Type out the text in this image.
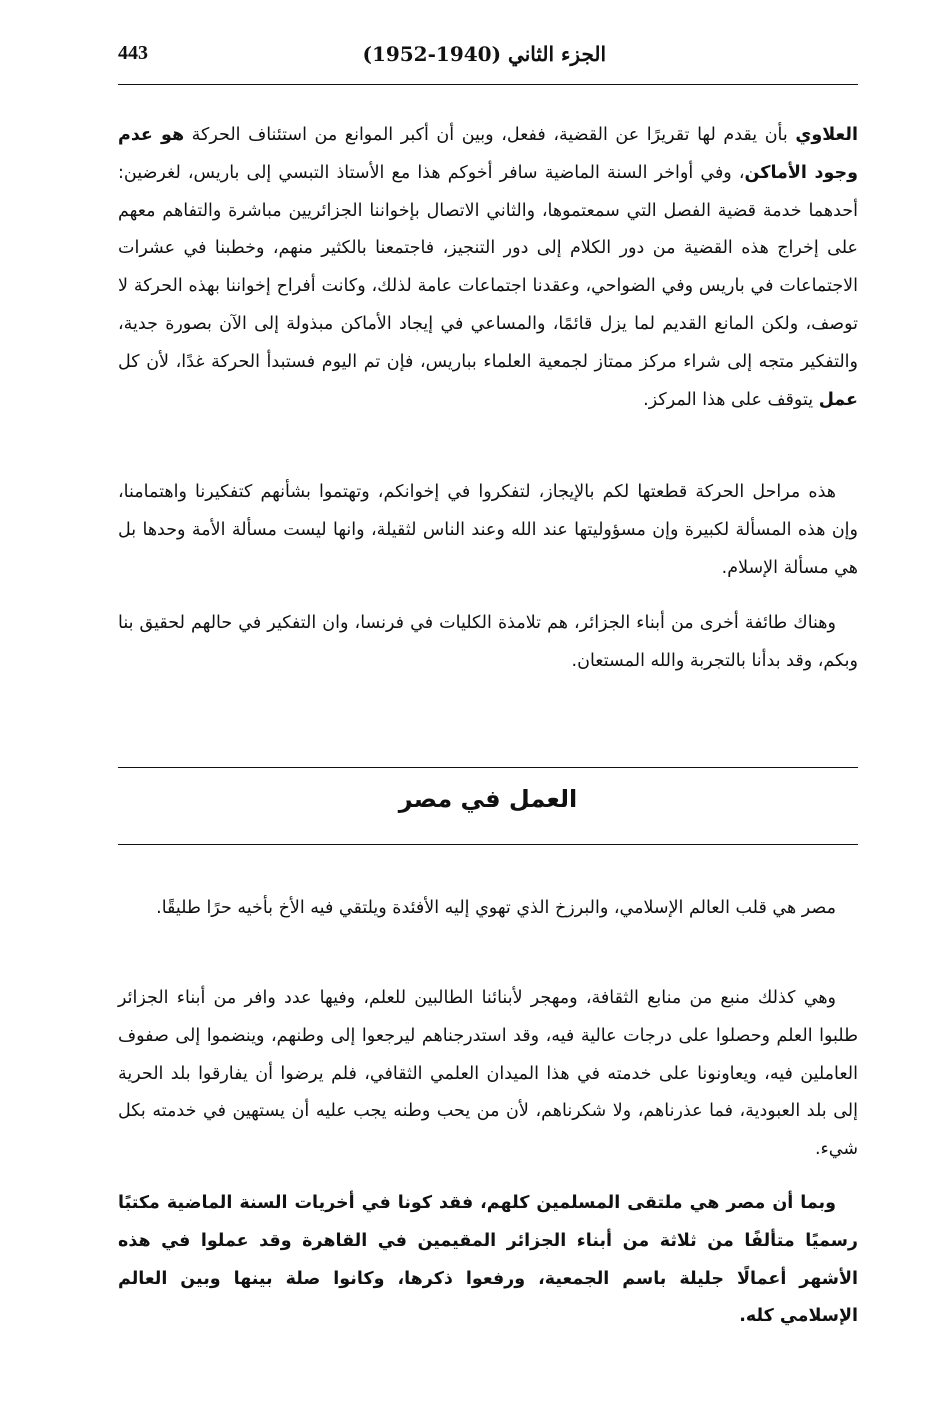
443	الجزء الثاني (1940-1952)

العلاوي بأن يقدم لها تقريرًا عن القضية، ففعل، وبين أن أكبر الموانع من استئناف الحركة هو عدم وجود الأماكن، وفي أواخر السنة الماضية سافر أخوكم هذا مع الأستاذ التبسي إلى باريس، لغرضين: أحدهما خدمة قضية الفصل التي سمعتموها، والثاني الاتصال بإخواننا الجزائريين مباشرة والتفاهم معهم على إخراج هذه القضية من دور الكلام إلى دور التنجيز، فاجتمعنا بالكثير منهم، وخطبنا في عشرات الاجتماعات في باريس وفي الضواحي، وعقدنا اجتماعات عامة لذلك، وكانت أفراح إخواننا بهذه الحركة لا توصف، ولكن المانع القديم لما يزل قائمًا، والمساعي في إيجاد الأماكن مبذولة إلى الآن بصورة جدية، والتفكير متجه إلى شراء مركز ممتاز لجمعية العلماء بباريس، فإن تم اليوم فستبدأ الحركة غدًا، لأن كل عمل يتوقف على هذا المركز.

هذه مراحل الحركة قطعتها لكم بالإيجاز، لتفكروا في إخوانكم، وتهتموا بشأنهم كتفكيرنا واهتمامنا، وإن هذه المسألة لكبيرة وإن مسؤوليتها عند الله وعند الناس لثقيلة، وانها ليست مسألة الأمة وحدها بل هي مسألة الإسلام.

وهناك طائفة أخرى من أبناء الجزائر، هم تلامذة الكليات في فرنسا، وان التفكير في حالهم لحقيق بنا وبكم، وقد بدأنا بالتجربة والله المستعان.

العمل في مصر

مصر هي قلب العالم الإسلامي، والبرزخ الذي تهوي إليه الأفئدة ويلتقي فيه الأخ بأخيه حرًا طليقًا.

وهي كذلك منبع من منابع الثقافة، ومهجر لأبنائنا الطالبين للعلم، وفيها عدد وافر من أبناء الجزائر طلبوا العلم وحصلوا على درجات عالية فيه، وقد استدرجناهم ليرجعوا إلى وطنهم، وينضموا إلى صفوف العاملين فيه، ويعاونونا على خدمته في هذا الميدان العلمي الثقافي، فلم يرضوا أن يفارقوا بلد الحرية إلى بلد العبودية، فما عذرناهم، ولا شكرناهم، لأن من يحب وطنه يجب عليه أن يستهين في خدمته بكل شيء.

وبما أن مصر هي ملتقى المسلمين كلهم، فقد كونا في أخريات السنة الماضية مكتبًا رسميًا متألفًا من ثلاثة من أبناء الجزائر المقيمين في القاهرة وقد عملوا في هذه الأشهر أعمالًا جليلة باسم الجمعية، ورفعوا ذكرها، وكانوا صلة بينها وبين العالم الإسلامي كله.
